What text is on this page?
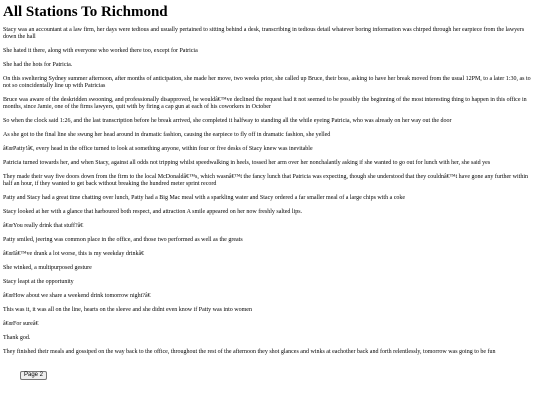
All Stations To Richmond

Stacy was an accountant at a law firm, her days were tedious and usually pertained to sitting behind a desk, transcribing in tedious detail whatever boring information was chirped through her earpiece from the lawyers down the hall

She hated it there, along with everyone who worked there too, except for Patricia

She had the hots for Patricia.

On this sweltering Sydney summer afternoon, after months of anticipation, she made her move, two weeks prior, she called up Bruce, their boss, asking to have her break moved from the usual 12PM, to a later 1:30, as to not so coincidentally line up with Patricias

Bruce was aware of the deskridden swooning, and professionally disapproved, he wouldâ€™ve declined the request had it not seemed to be possibly the beginning of the most interesting thing to happen in this office in months, since Jamie, one of the firms lawyers, quit with by firing a cap gun at each of his coworkers in October

So when the clock said 1:26, and the last transcription before he break arrived, she completed it halfway to standing all the while eyeing Patricia, who was already on her way out the door

As she got to the final line she swung her head around in dramatic fashion, causing the earpiece to fly off in dramatic fashion, she yelled

â€œPatty!â€, every head in the office turned to look at something anyone, within four or five desks of Stacy knew was inevitable

Patricia turned towards her, and when Stacy, against all odds not tripping whilst speedwalking in heels, tossed her arm over her nonchalantly asking if she wanted to go out for lunch with her, she said yes

They made their way five doors down from the firm to the local McDonaldâ€™s, which wasnâ€™t the fancy lunch that Patricia was expecting, though she understood that they couldnâ€™t have gone any further within half an hour, if they wanted to get back without breaking the hundred meter sprint record

Patty and Stacy had a great time chatting over lunch, Patty had a Big Mac meal with a sparkling water and Stacy ordered a far smaller meal of a large chips with a coke

Stacy looked at her with a glance that harboured both respect, and attraction A smile appeared on her now freshly salted lips.

â€œYou really drink that stuff?â€

Patty smiled, jeering was common place in the office, and those two performed as well as the greats

â€œIâ€™ve drank a lot worse, this is my weekday drinkâ€

She winked, a multipurposed gesture

Stacy leapt at the opportunity

â€œHow about we share a weekend drink tomorrow night?â€

This was it, it was all on the line, hearts on the sleeve and she didnt even know if Patty was into women

â€œFor sureâ€

Thank god.

They finished their meals and gossiped on the way back to the office, throughout the rest of the afternoon they shot glances and winks at eachother back and forth relentlessly, tomorrow was going to be fun

Page 2
